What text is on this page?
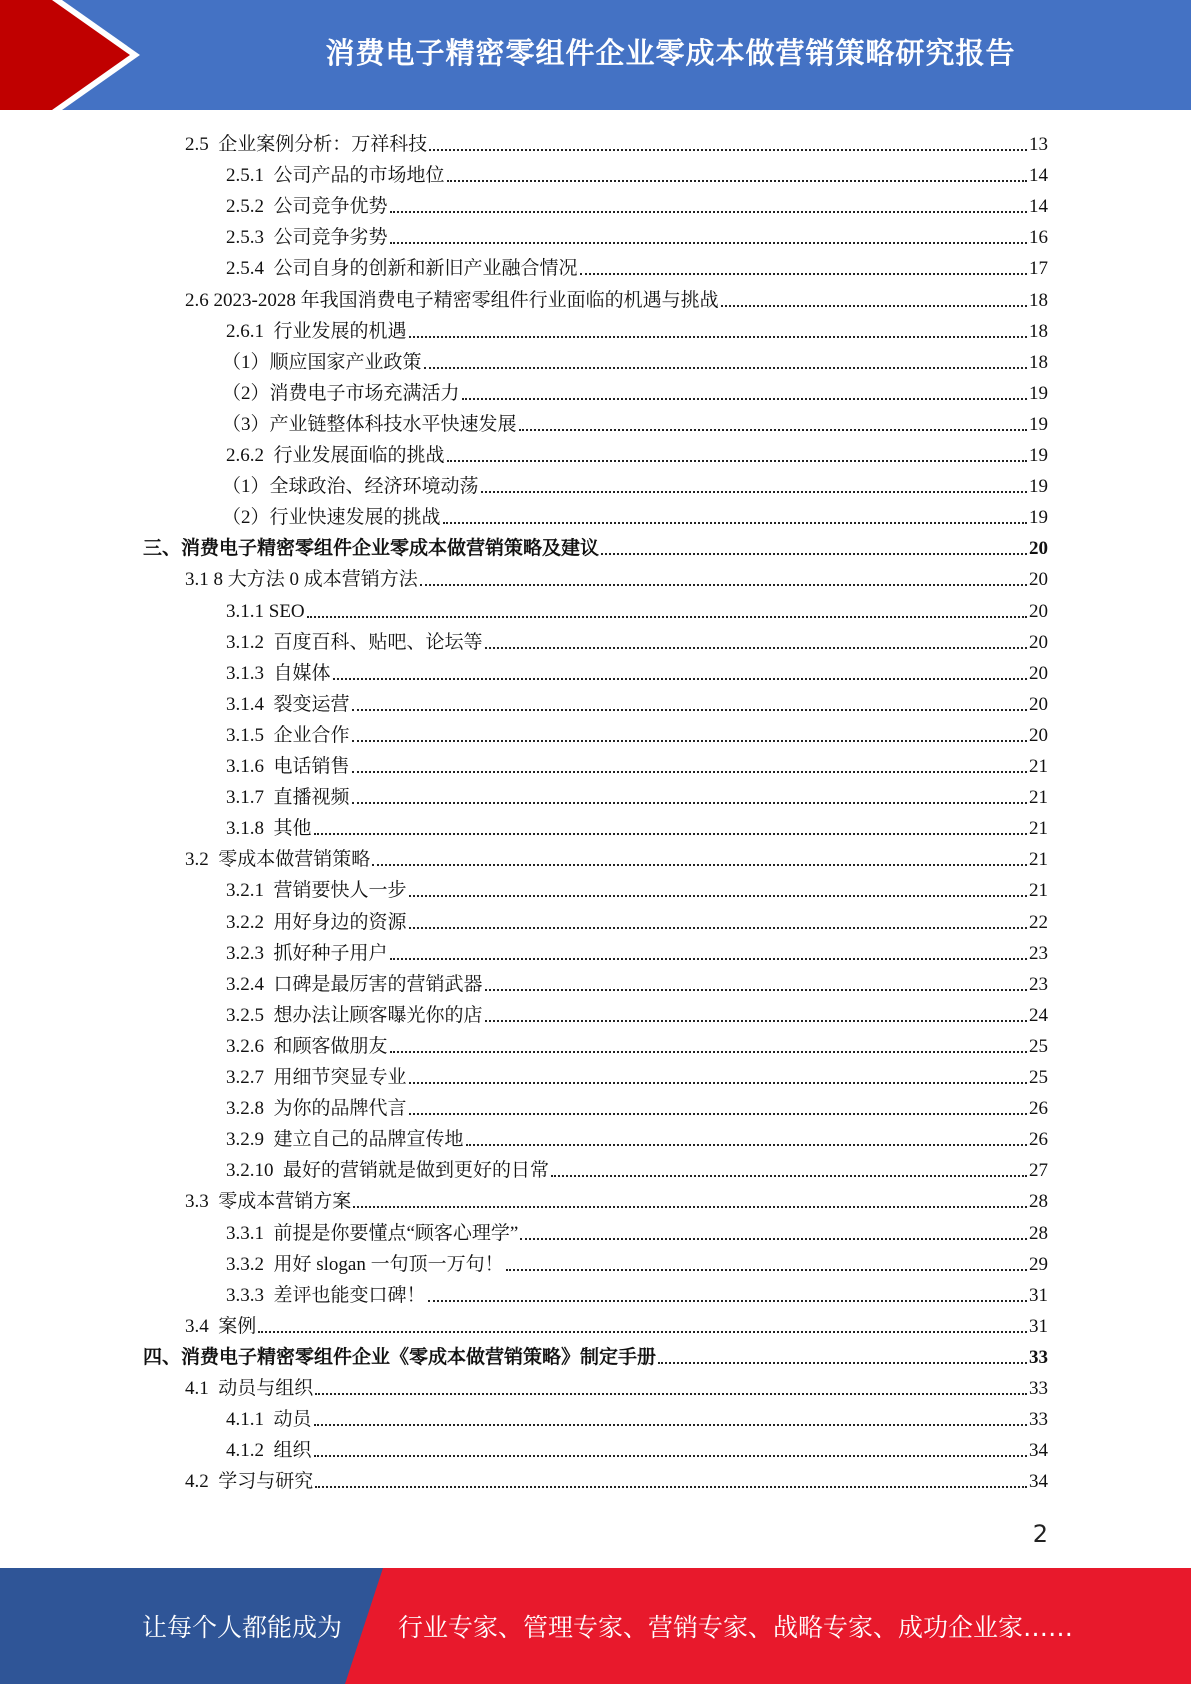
消费电子精密零组件企业零成本做营销策略研究报告
2.5  企业案例分析：万祥科技	13
2.5.1  公司产品的市场地位	14
2.5.2  公司竞争优势	14
2.5.3  公司竞争劣势	16
2.5.4  公司自身的创新和新旧产业融合情况	17
2.6 2023-2028 年我国消费电子精密零组件行业面临的机遇与挑战	18
2.6.1  行业发展的机遇	18
（1）顺应国家产业政策	18
（2）消费电子市场充满活力	19
（3）产业链整体科技水平快速发展	19
2.6.2  行业发展面临的挑战	19
（1）全球政治、经济环境动荡	19
（2）行业快速发展的挑战	19
三、消费电子精密零组件企业零成本做营销策略及建议	20
3.1 8 大方法 0 成本营销方法	20
3.1.1 SEO	20
3.1.2  百度百科、贴吧、论坛等	20
3.1.3  自媒体	20
3.1.4  裂变运营	20
3.1.5  企业合作	20
3.1.6  电话销售	21
3.1.7  直播视频	21
3.1.8  其他	21
3.2  零成本做营销策略	21
3.2.1  营销要快人一步	21
3.2.2  用好身边的资源	22
3.2.3  抓好种子用户	23
3.2.4  口碑是最厉害的营销武器	23
3.2.5  想办法让顾客曝光你的店	24
3.2.6  和顾客做朋友	25
3.2.7  用细节突显专业	25
3.2.8  为你的品牌代言	26
3.2.9  建立自己的品牌宣传地	26
3.2.10  最好的营销就是做到更好的日常	27
3.3  零成本营销方案	28
3.3.1  前提是你要懂点“顾客心理学”	28
3.3.2  用好 slogan 一句顶一万句！	29
3.3.3  差评也能变口碑！	31
3.4  案例	31
四、消费电子精密零组件企业《零成本做营销策略》制定手册	33
4.1  动员与组织	33
4.1.1  动员	33
4.1.2  组织	34
4.2  学习与研究	34
2
让每个人都能成为 行业专家、管理专家、营销专家、战略专家、成功企业家……
